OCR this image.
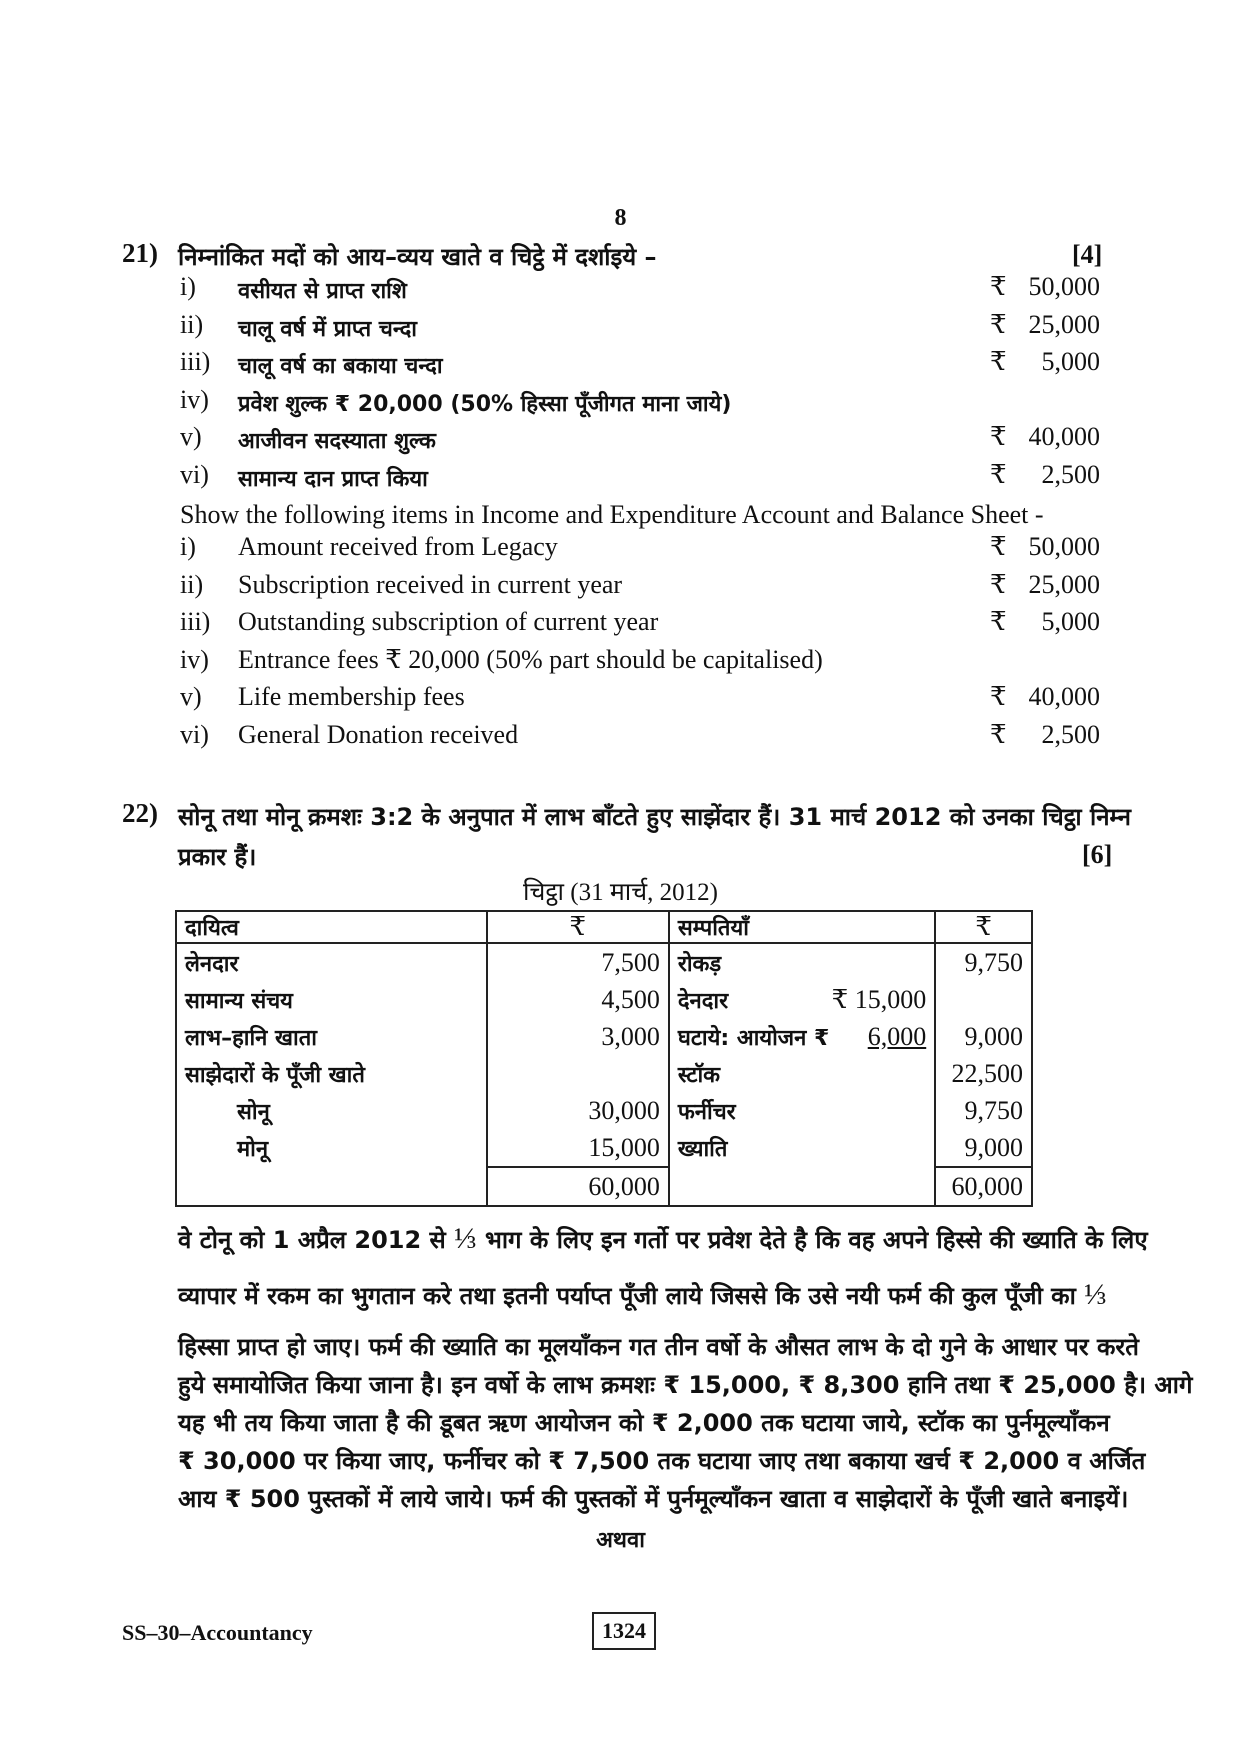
8
21) निम्नांकित मदों को आय–व्यय खाते व चिट्ठे में दर्शाइये –	[4]
i) वसीयत से प्राप्त राशि	₹ 50,000
ii) चालू वर्ष में प्राप्त चन्दा	₹ 25,000
iii) चालू वर्ष का बकाया चन्दा	₹ 5,000
iv) प्रवेश शुल्क ₹ 20,000 (50% हिस्सा पूँजीगत माना जाये)
v) आजीवन सदस्याता शुल्क	₹ 40,000
vi) सामान्य दान प्राप्त किया	₹ 2,500
Show the following items in Income and Expenditure Account and Balance Sheet -
i) Amount received from Legacy	₹ 50,000
ii) Subscription received in current year	₹ 25,000
iii) Outstanding subscription of current year	₹ 5,000
iv) Entrance fees ₹ 20,000 (50% part should be capitalised)
v) Life membership fees	₹ 40,000
vi) General Donation received	₹ 2,500
22) सोनू तथा मोनू क्रमशः 3:2 के अनुपात में लाभ बाँटते हुए साझेंदार हैं। 31 मार्च 2012 को उनका चिट्ठा निम्न
प्रकार हैं।	[6]
चिट्ठा (31 मार्च, 2012)
दायित्व	₹	सम्पतियाँ	₹
लेनदार	7,500	रोकड़	9,750
सामान्य संचय	4,500	देनदार ₹ 15,000	

लाभ–हानि खाता	3,000	घटाये: आयोजन ₹ 6,000	9,000
साझेदारों के पूँजी खाते		स्टॉक	22,500
सोनू	30,000	फर्नीचर	9,750
मोनू	15,000	ख्याति	9,000
	60,000		60,000
वे टोनू को 1 अप्रैल 2012 से ⅓ भाग के लिए इन गर्तो पर प्रवेश देते है कि वह अपने हिस्से की ख्याति के लिए
व्यापार में रकम का भुगतान करे तथा इतनी पर्याप्त पूँजी लाये जिससे कि उसे नयी फर्म की कुल पूँजी का ⅓
हिस्सा प्राप्त हो जाए। फर्म की ख्याति का मूलयाँकन गत तीन वर्षो के औसत लाभ के दो गुने के आधार पर करते
हुये समायोजित किया जाना है। इन वर्षो के लाभ क्रमशः ₹ 15,000, ₹ 8,300 हानि तथा ₹ 25,000 है। आगे
यह भी तय किया जाता है की डूबत ऋण आयोजन को ₹ 2,000 तक घटाया जाये, स्टॉक का पुर्नमूल्याँकन
₹ 30,000 पर किया जाए, फर्नीचर को ₹ 7,500 तक घटाया जाए तथा बकाया खर्च ₹ 2,000 व अर्जित
आय ₹ 500 पुस्तकों में लाये जाये। फर्म की पुस्तकों में पुर्नमूल्याँकन खाता व साझेदारों के पूँजी खाते बनाइयें।
अथवा
SS–30–Accountancy	1324
